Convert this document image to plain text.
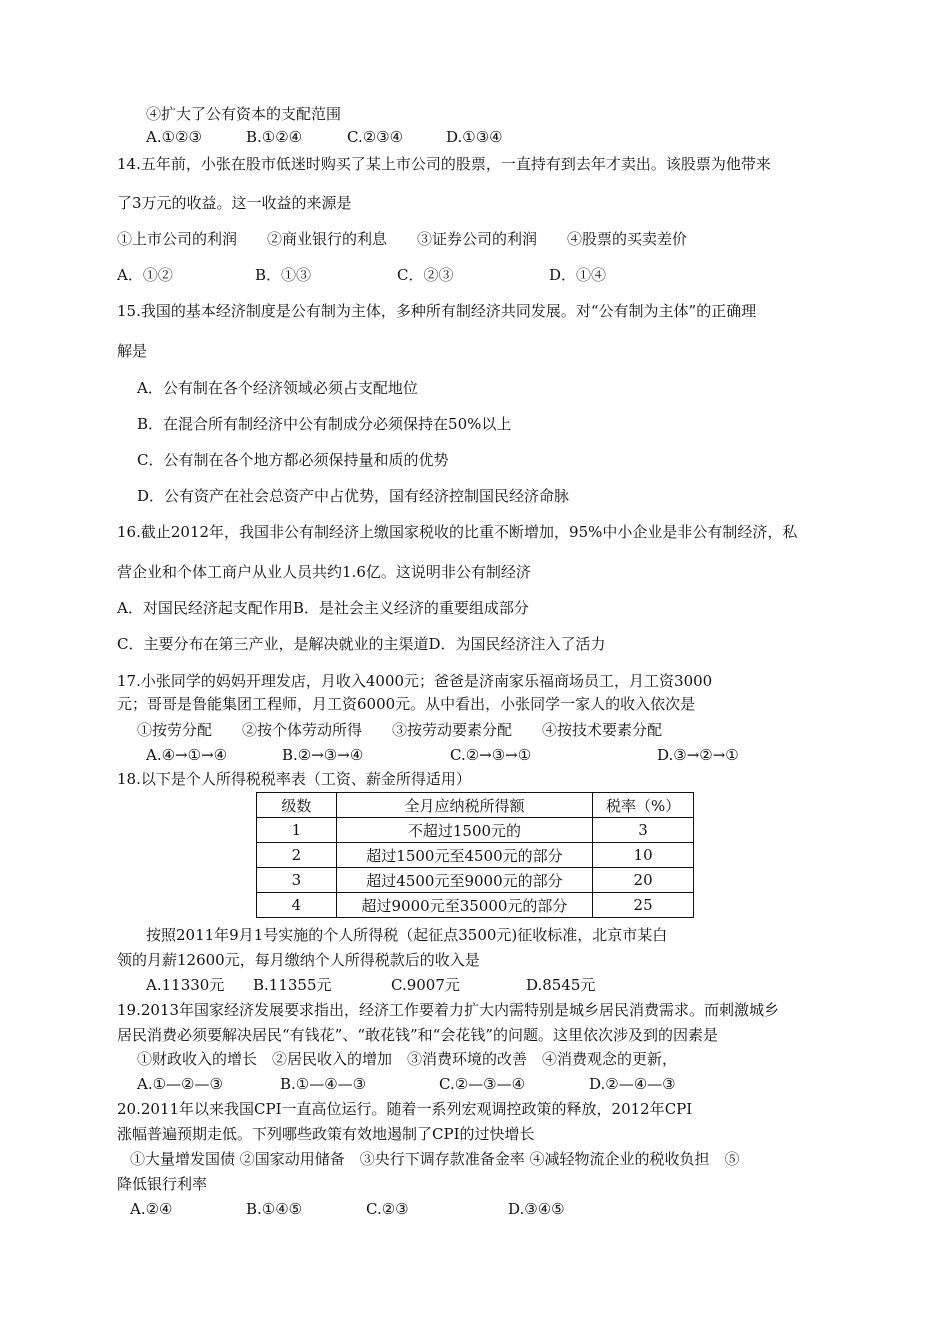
④扩大了公有资本的支配范围
A.①②③	B.①②④	C.②③④	D.①③④
14.五年前，小张在股市低迷时购买了某上市公司的股票，一直持有到去年才卖出。该股票为他带来
了3万元的收益。这一收益的来源是
①上市公司的利润　　②商业银行的利息　　③证券公司的利润　　④股票的买卖差价
A．①②	B．①③	C．②③	D．①④
15.我国的基本经济制度是公有制为主体，多种所有制经济共同发展。对“公有制为主体”的正确理
解是
A．公有制在各个经济领域必须占支配地位
B．在混合所有制经济中公有制成分必须保持在50%以上
C．公有制在各个地方都必须保持量和质的优势
D．公有资产在社会总资产中占优势，国有经济控制国民经济命脉
16.截止2012年，我国非公有制经济上缴国家税收的比重不断增加，95%中小企业是非公有制经济，私
营企业和个体工商户从业人员共约1.6亿。这说明非公有制经济
A．对国民经济起支配作用B．是社会主义经济的重要组成部分
C．主要分布在第三产业，是解决就业的主渠道D．为国民经济注入了活力
17.小张同学的妈妈开理发店，月收入4000元；爸爸是济南家乐福商场员工，月工资3000
元；哥哥是鲁能集团工程师，月工资6000元。从中看出，小张同学一家人的收入依次是
①按劳分配　　②按个体劳动所得　　③按劳动要素分配　　④按技术要素分配
A.④→①→④	B.②→③→④	C.②→③→①	D.③→②→①
18.以下是个人所得税税率表（工资、薪金所得适用）
级数	全月应纳税所得额	税率（%）
1	不超过1500元的	3
2	超过1500元至4500元的部分	10
3	超过4500元至9000元的部分	20
4	超过9000元至35000元的部分	25
按照2011年9月1号实施的个人所得税（起征点3500元)征收标准，北京市某白
领的月薪12600元，每月缴纳个人所得税款后的收入是
A.11330元 B.11355元	C.9007元	D.8545元
19.2013年国家经济发展要求指出，经济工作要着力扩大内需特别是城乡居民消费需求。而刺激城乡
居民消费必须要解决居民“有钱花”、“敢花钱”和“会花钱”的问题。这里依次涉及到的因素是
①财政收入的增长　②居民收入的增加　③消费环境的改善　④消费观念的更新，
A.①—②—③	B.①—④—③	C.②—③—④	D.②—④—③
20.2011年以来我国CPI一直高位运行。随着一系列宏观调控政策的释放，2012年CPI
涨幅普遍预期走低。下列哪些政策有效地遏制了CPI的过快增长
①大量增发国债 ②国家动用储备　③央行下调存款准备金率 ④减轻物流企业的税收负担　⑤
降低银行利率
A.②④	B.①④⑤	C.②③	D.③④⑤
